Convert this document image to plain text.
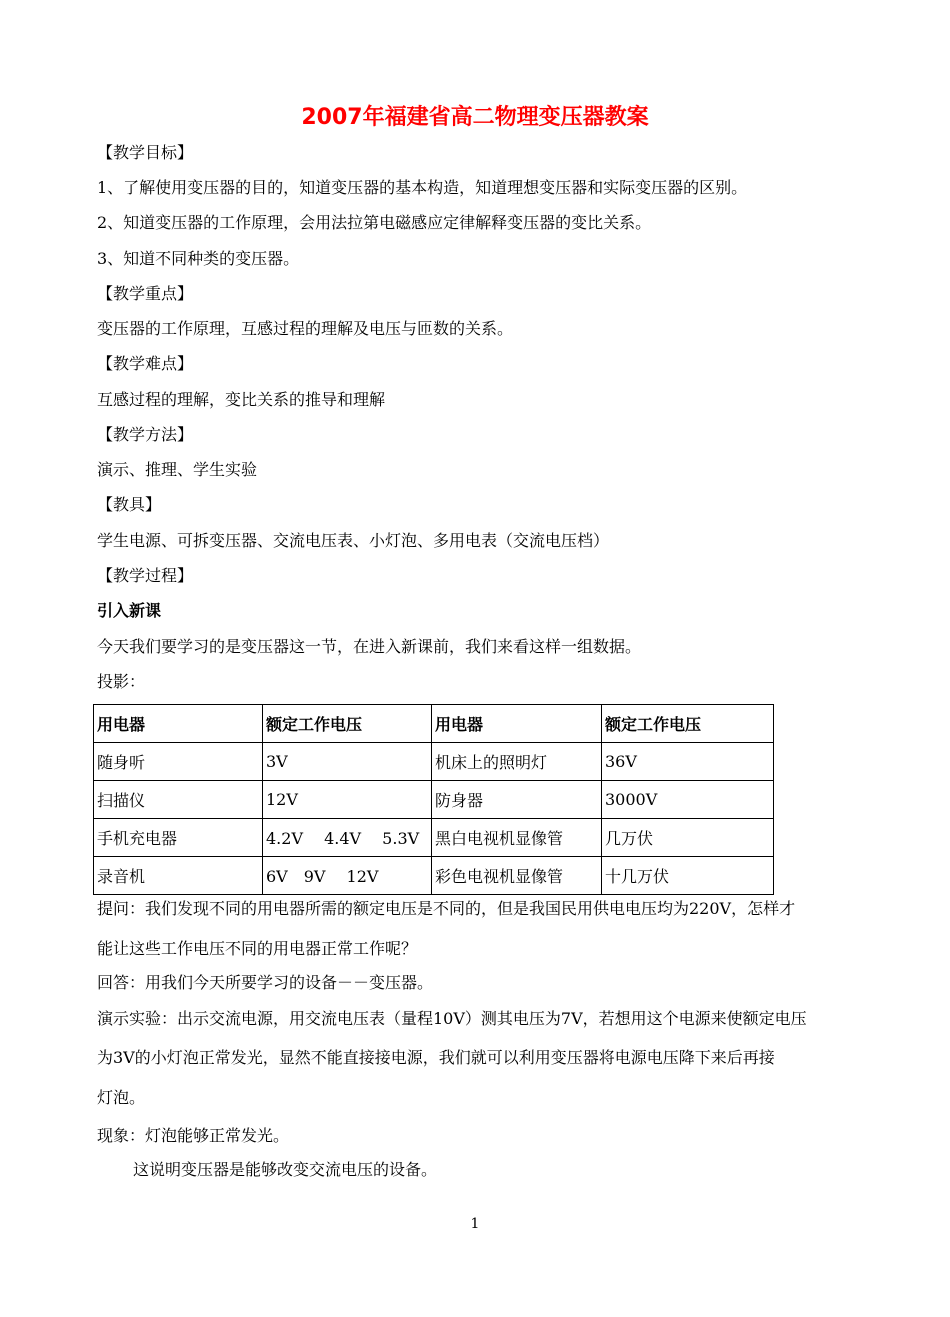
2007年福建省高二物理变压器教案
【教学目标】
1、了解使用变压器的目的，知道变压器的基本构造，知道理想变压器和实际变压器的区别。
2、知道变压器的工作原理，会用法拉第电磁感应定律解释变压器的变比关系。
3、知道不同种类的变压器。
【教学重点】
变压器的工作原理，互感过程的理解及电压与匝数的关系。
【教学难点】
互感过程的理解，变比关系的推导和理解
【教学方法】
演示、推理、学生实验
【教具】
学生电源、可拆变压器、交流电压表、小灯泡、多用电表（交流电压档）
【教学过程】
引入新课
今天我们要学习的是变压器这一节，在进入新课前，我们来看这样一组数据。
投影：
用电器	额定工作电压	用电器	额定工作电压
随身听	3V	机床上的照明灯	36V
扫描仪	12V	防身器	3000V
手机充电器	4.2V　 4.4V　 5.3V	黑白电视机显像管	几万伏
录音机	6V　9V　 12V	彩色电视机显像管	十几万伏
提问：我们发现不同的用电器所需的额定电压是不同的，但是我国民用供电电压均为220V，怎样才
能让这些工作电压不同的用电器正常工作呢？
回答：用我们今天所要学习的设备－－变压器。
演示实验：出示交流电源，用交流电压表（量程10V）测其电压为7V，若想用这个电源来使额定电压
为3V的小灯泡正常发光，显然不能直接接电源，我们就可以利用变压器将电源电压降下来后再接
灯泡。
现象：灯泡能够正常发光。
这说明变压器是能够改变交流电压的设备。
1
